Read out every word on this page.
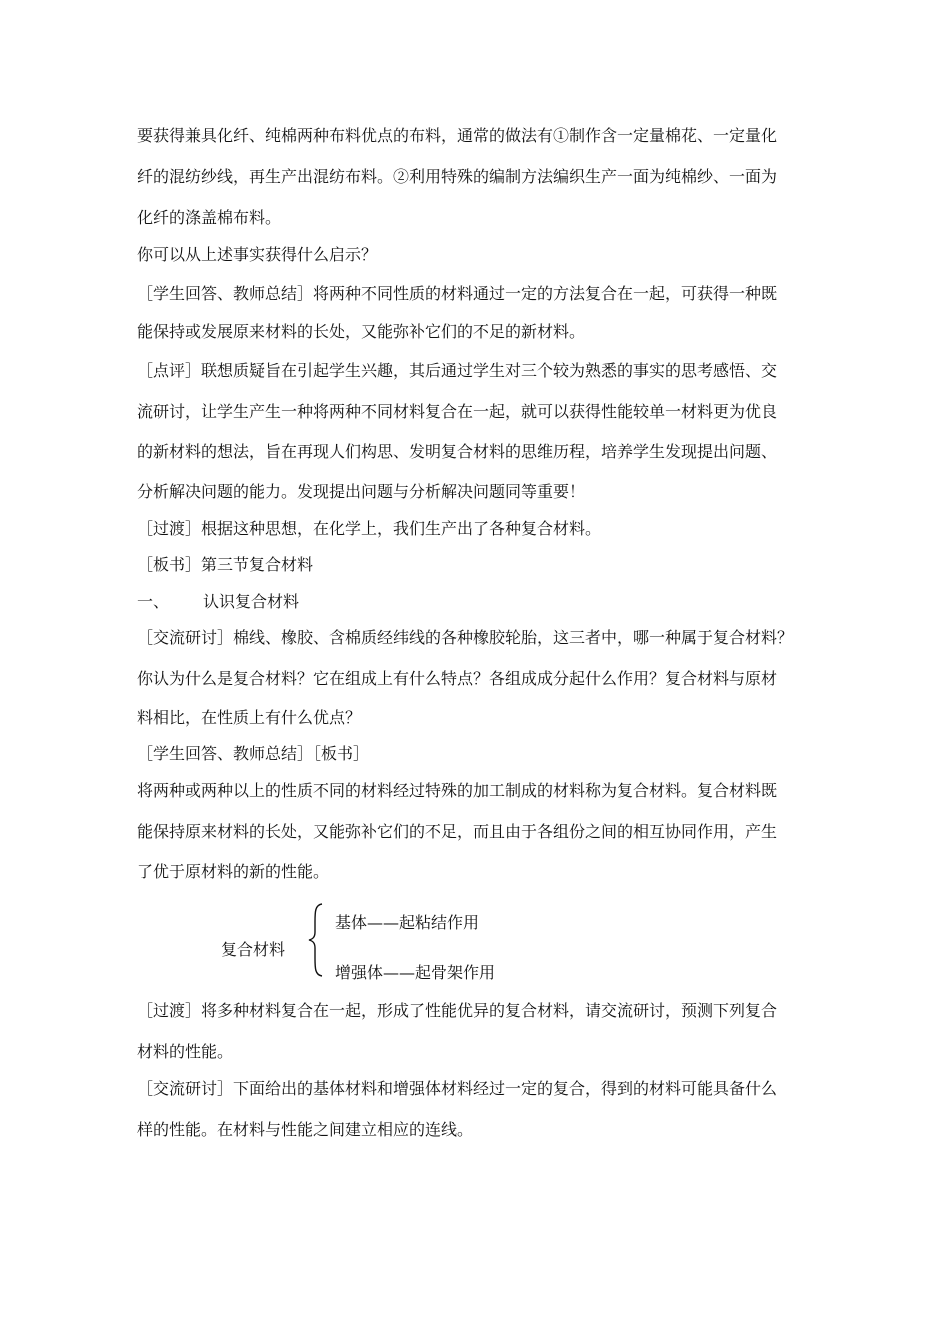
要获得兼具化纤、纯棉两种布料优点的布料，通常的做法有①制作含一定量棉花、一定量化
纤的混纺纱线，再生产出混纺布料。②利用特殊的编制方法编织生产一面为纯棉纱、一面为
化纤的涤盖棉布料。
你可以从上述事实获得什么启示？
［学生回答、教师总结］将两种不同性质的材料通过一定的方法复合在一起，可获得一种既
能保持或发展原来材料的长处，又能弥补它们的不足的新材料。
［点评］联想质疑旨在引起学生兴趣，其后通过学生对三个较为熟悉的事实的思考感悟、交
流研讨，让学生产生一种将两种不同材料复合在一起，就可以获得性能较单一材料更为优良
的新材料的想法，旨在再现人们构思、发明复合材料的思维历程，培养学生发现提出问题、
分析解决问题的能力。发现提出问题与分析解决问题同等重要！
［过渡］根据这种思想，在化学上，我们生产出了各种复合材料。
［板书］第三节复合材料
一、 认识复合材料
［交流研讨］棉线、橡胶、含棉质经纬线的各种橡胶轮胎，这三者中，哪一种属于复合材料？
你认为什么是复合材料？它在组成上有什么特点？各组成成分起什么作用？复合材料与原材
料相比，在性质上有什么优点？
［学生回答、教师总结］［板书］
将两种或两种以上的性质不同的材料经过特殊的加工制成的材料称为复合材料。复合材料既
能保持原来材料的长处，又能弥补它们的不足，而且由于各组份之间的相互协同作用，产生
了优于原材料的新的性能。
复合材料
基体——起粘结作用
增强体——起骨架作用
［过渡］将多种材料复合在一起，形成了性能优异的复合材料，请交流研讨，预测下列复合
材料的性能。
［交流研讨］下面给出的基体材料和增强体材料经过一定的复合，得到的材料可能具备什么
样的性能。在材料与性能之间建立相应的连线。
